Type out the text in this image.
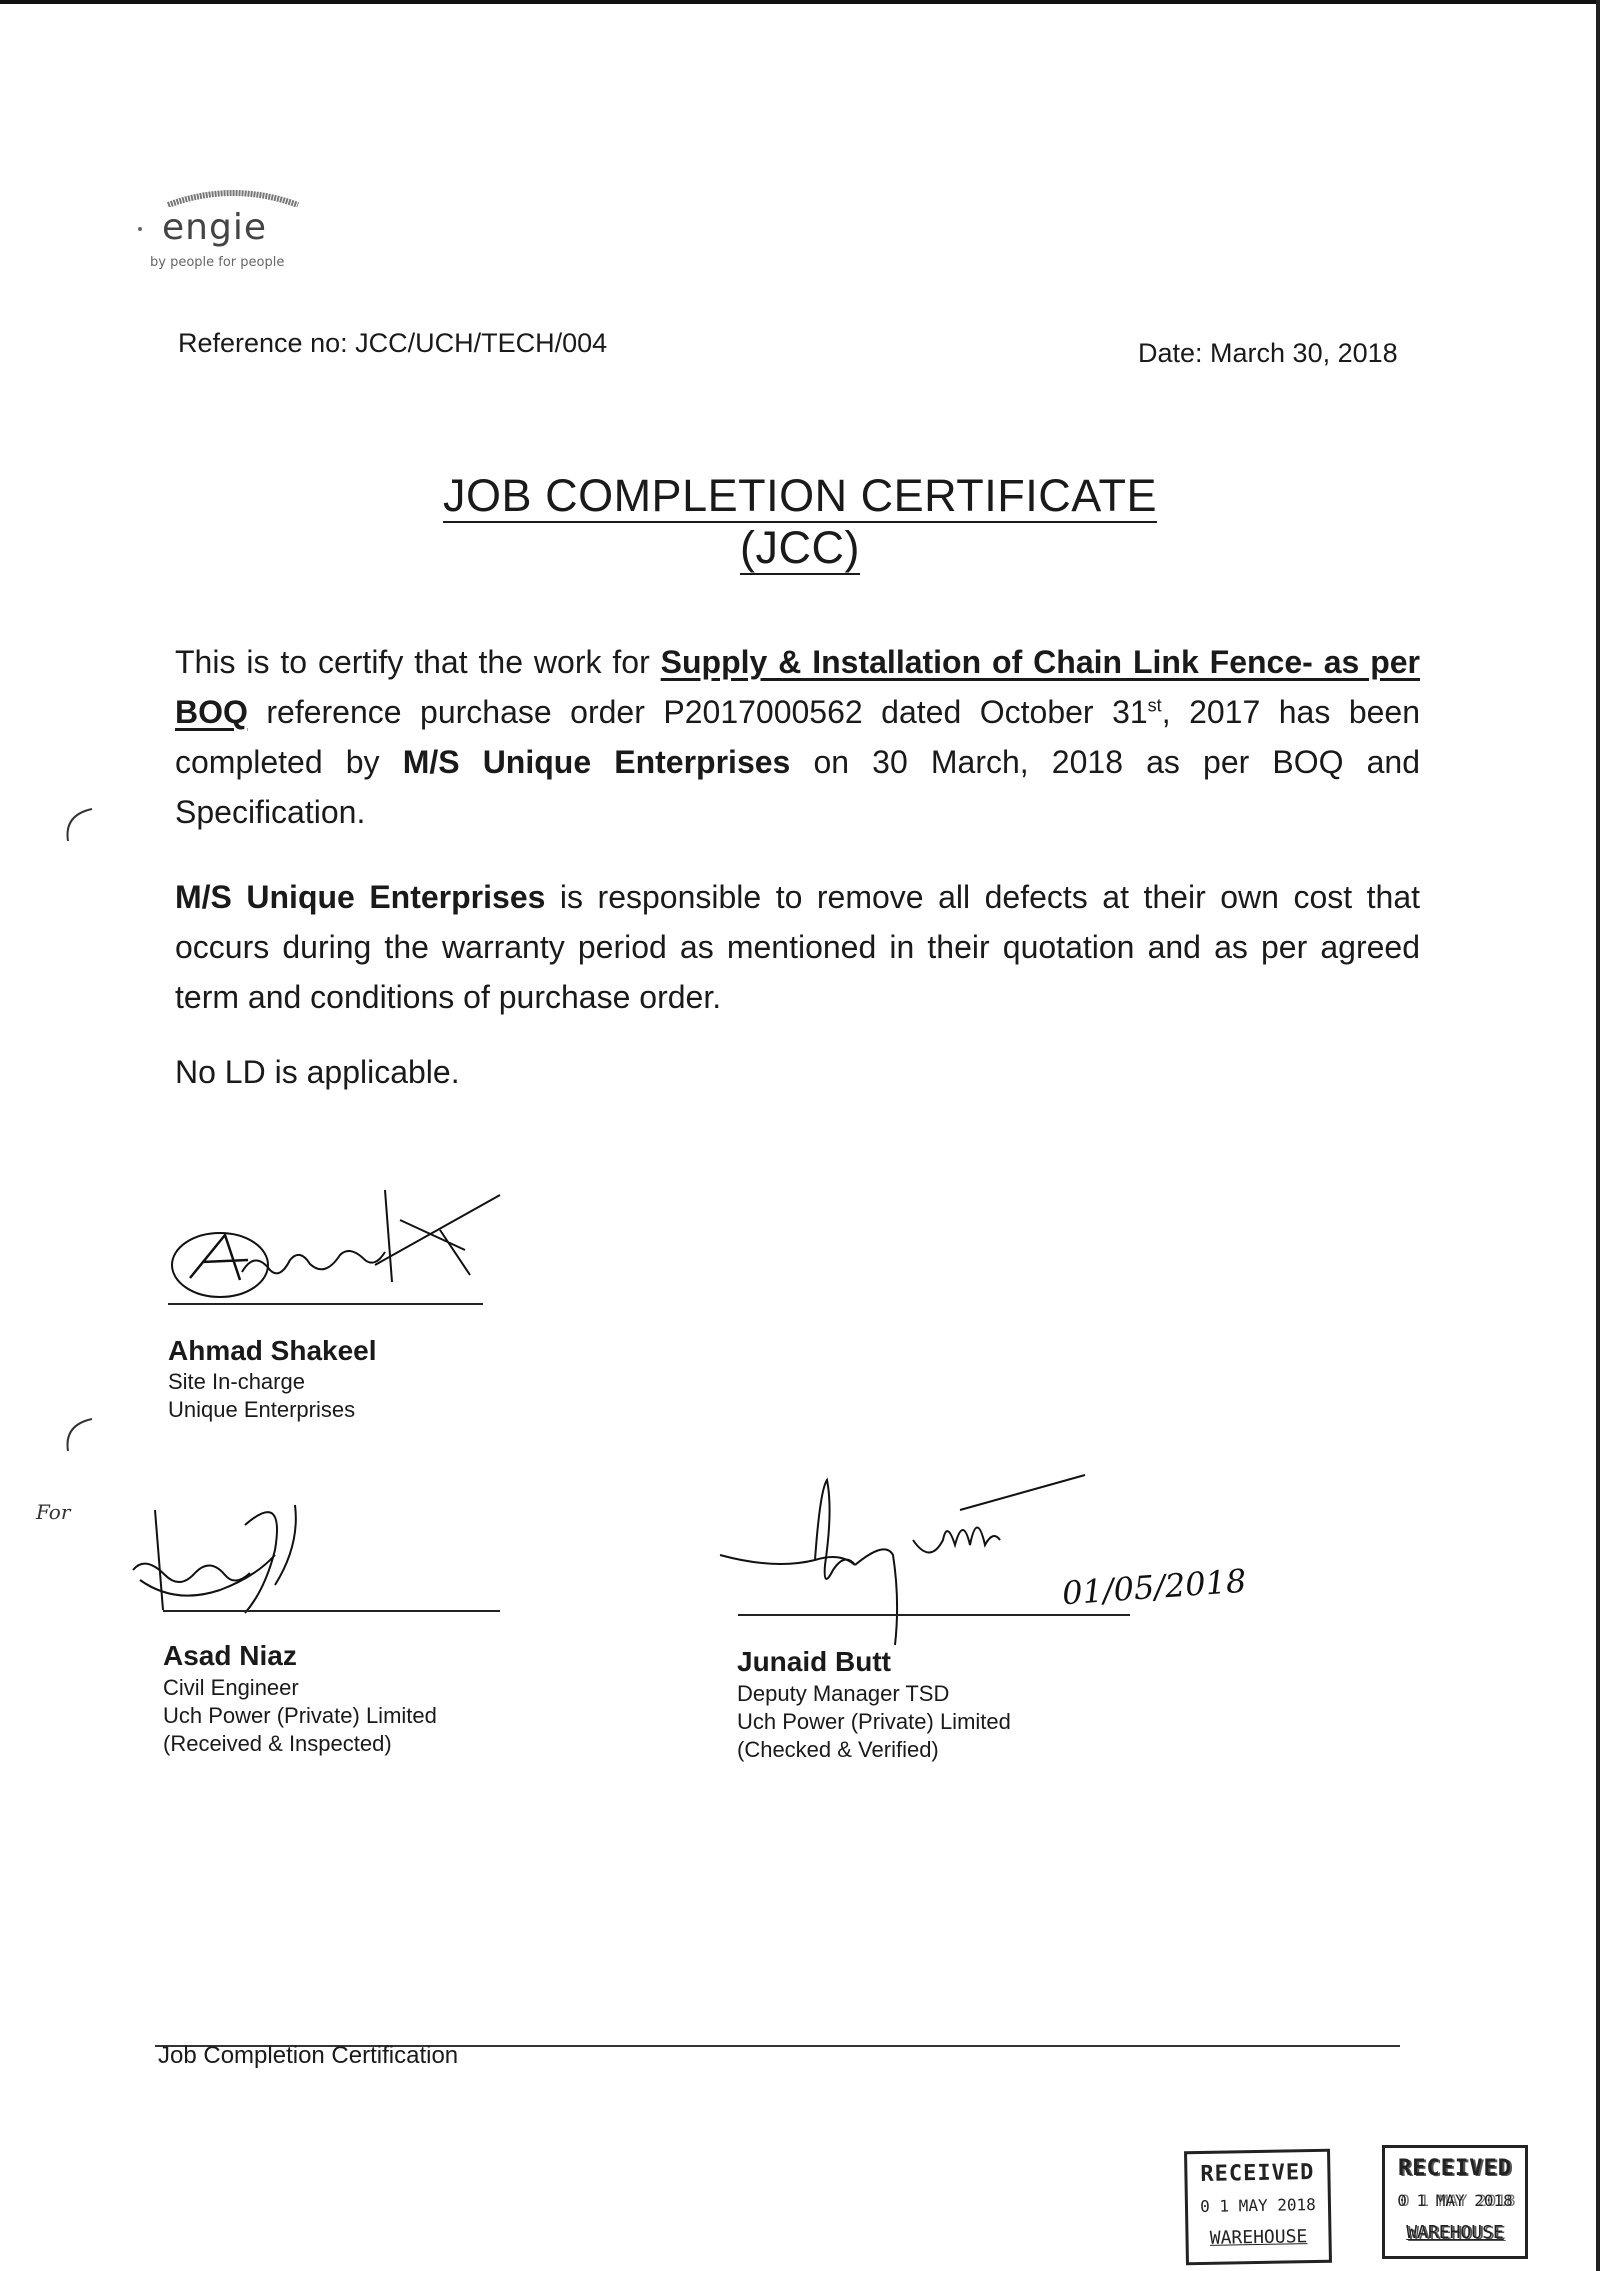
engie
by people for people
Reference no: JCC/UCH/TECH/004	Date: March 30, 2018
JOB COMPLETION CERTIFICATE (JCC)
This is to certify that the work for Supply & Installation of Chain Link Fence- as per BOQ reference purchase order P2017000562 dated October 31st, 2017 has been completed by M/S Unique Enterprises on 30 March, 2018 as per BOQ and Specification.
M/S Unique Enterprises is responsible to remove all defects at their own cost that occurs during the warranty period as mentioned in their quotation and as per agreed term and conditions of purchase order.
No LD is applicable.
For
Ahmad Shakeel
Site In-charge
Unique Enterprises
Asad Niaz
Civil Engineer
Uch Power (Private) Limited
(Received & Inspected)
01/05/2018
Junaid Butt
Deputy Manager TSD
Uch Power (Private) Limited
(Checked & Verified)
Job Completion Certification
RECEIVED
0 1 MAY 2018
WAREHOUSE
RECEIVED
0 1 MAY 2018
WAREHOUSE
